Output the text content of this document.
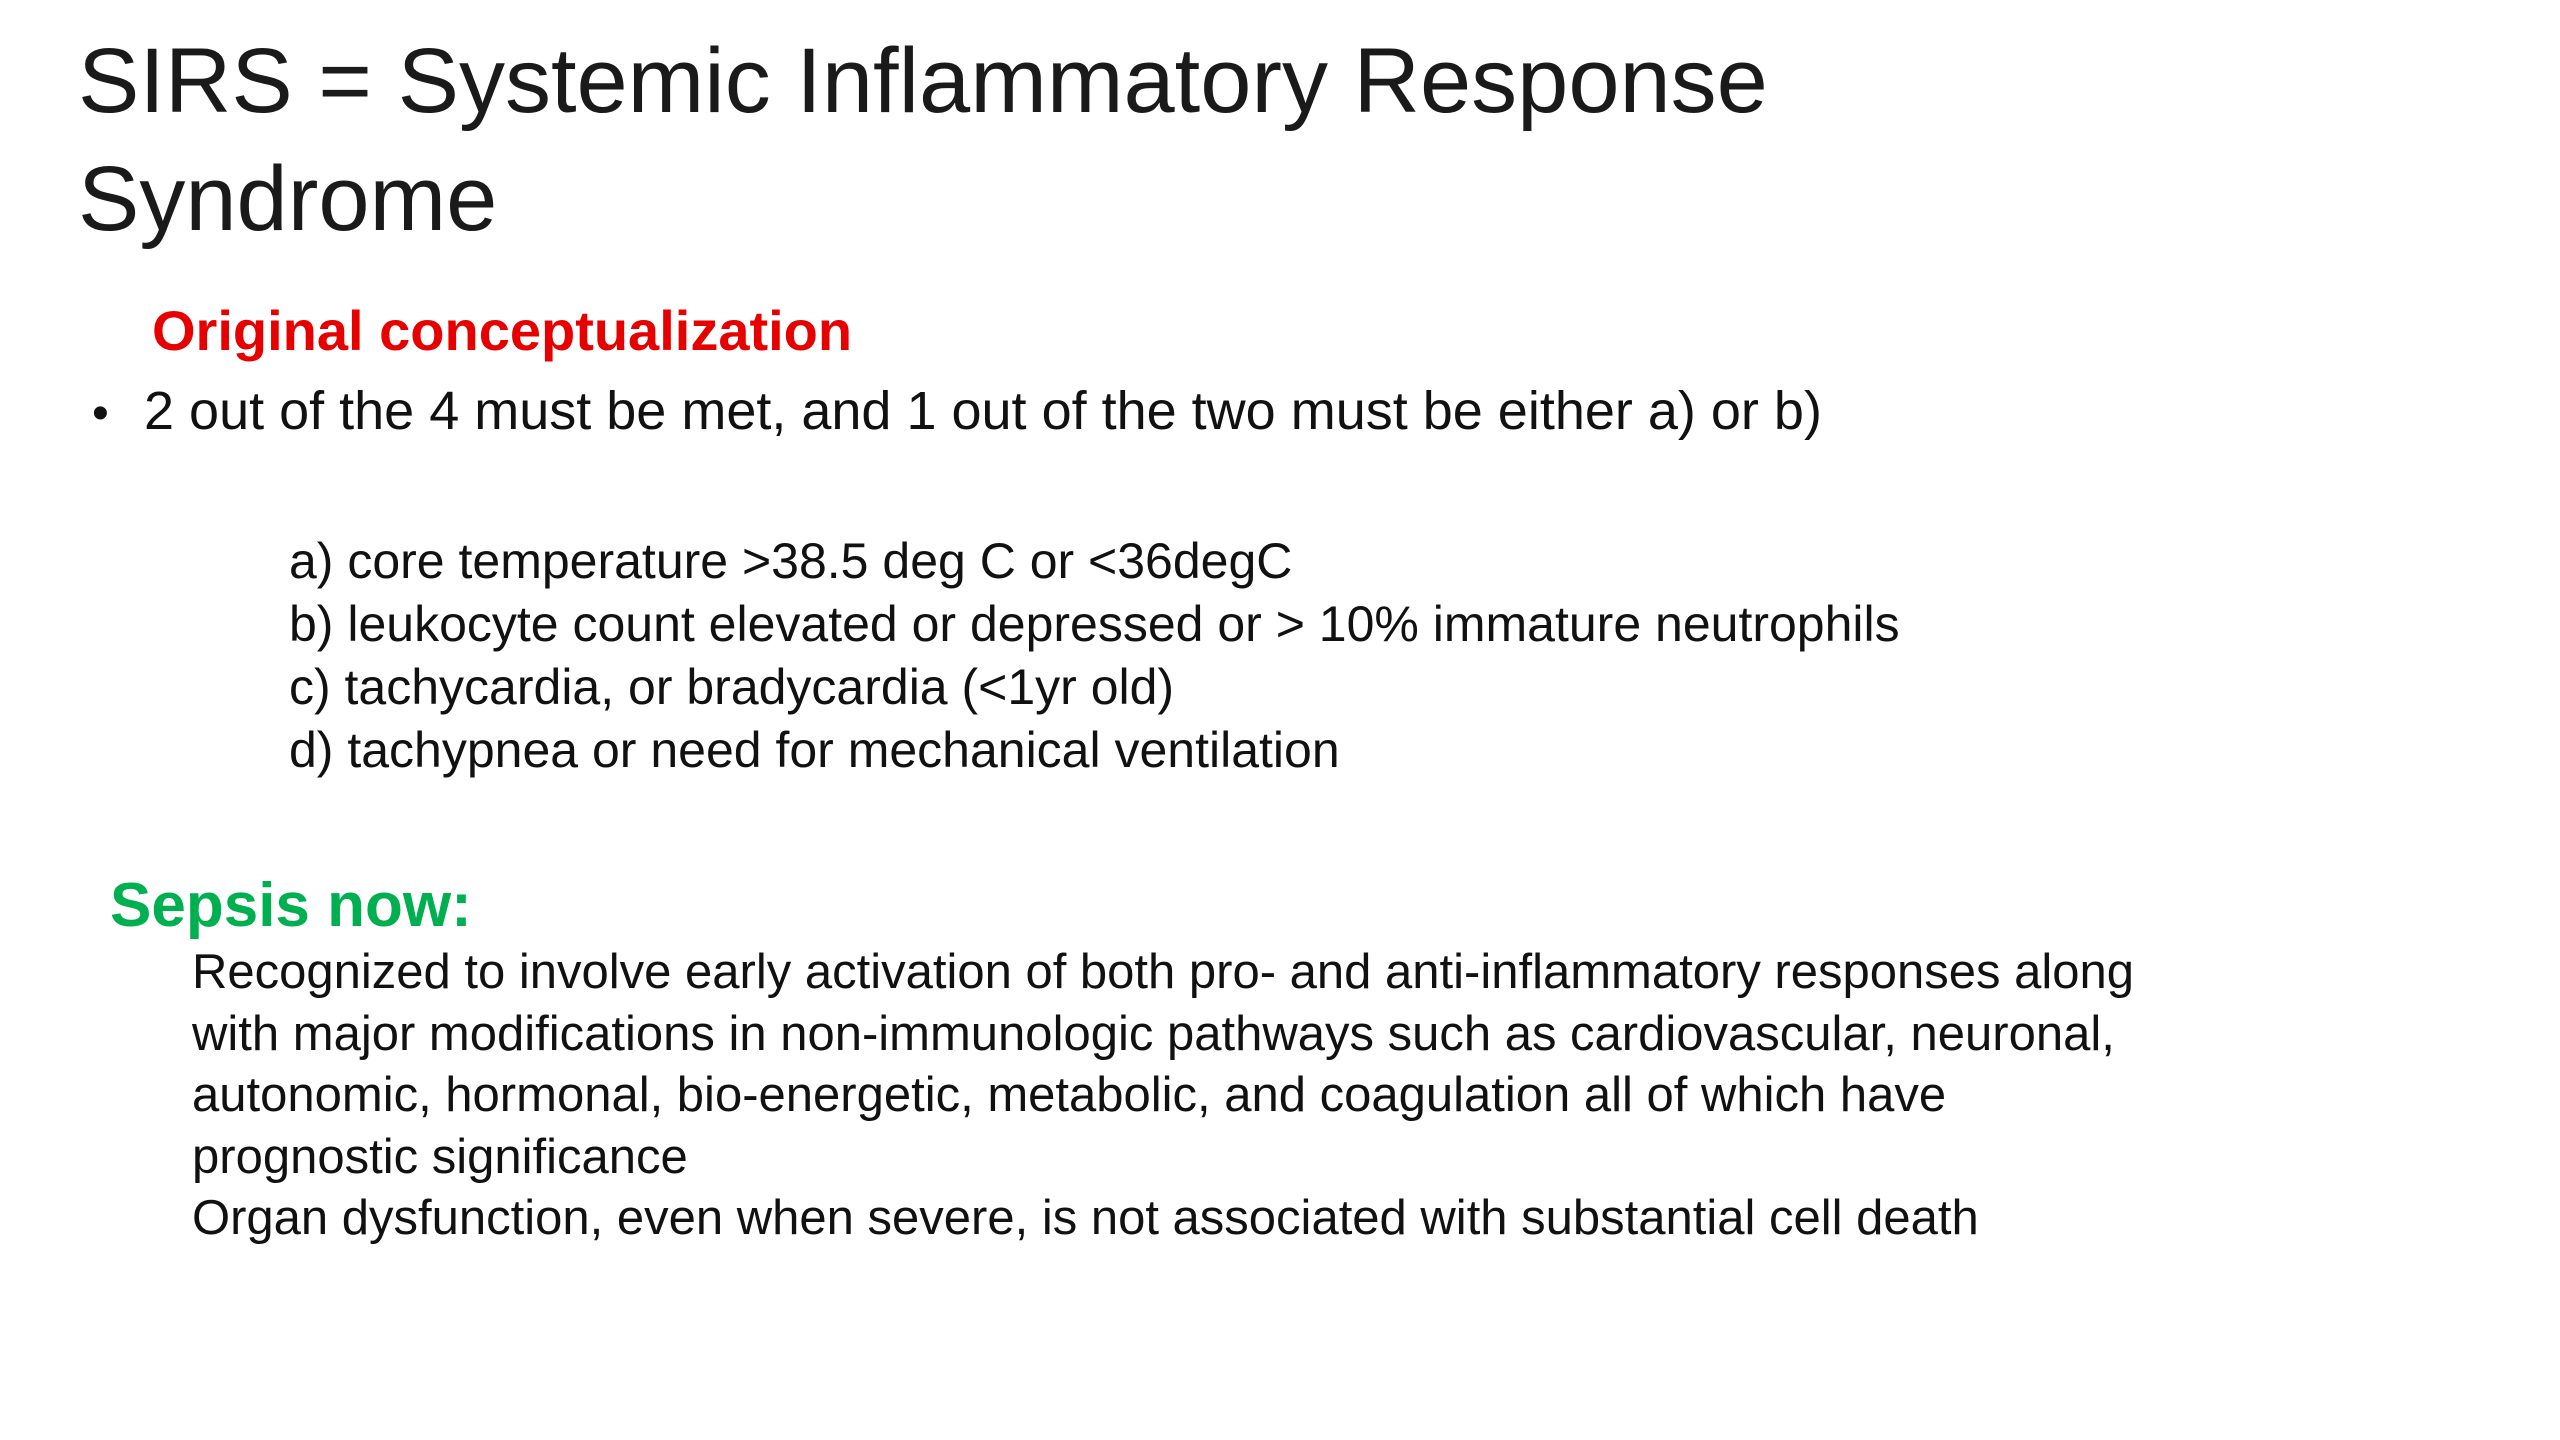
SIRS = Systemic Inflammatory Response
Syndrome
Original conceptualization
• 2 out of the 4 must be met, and 1 out of the two must be either a) or b)
a) core temperature >38.5 deg C or <36degC
b) leukocyte count elevated or depressed or > 10% immature neutrophils
c) tachycardia, or bradycardia (<1yr old)
d) tachypnea or need for mechanical ventilation
Sepsis now:
Recognized to involve early activation of both pro- and anti-inflammatory responses along
with major modifications in non-immunologic pathways such as cardiovascular, neuronal,
autonomic, hormonal, bio-energetic, metabolic, and coagulation all of which have
prognostic significance
Organ dysfunction, even when severe, is not associated with substantial cell death
